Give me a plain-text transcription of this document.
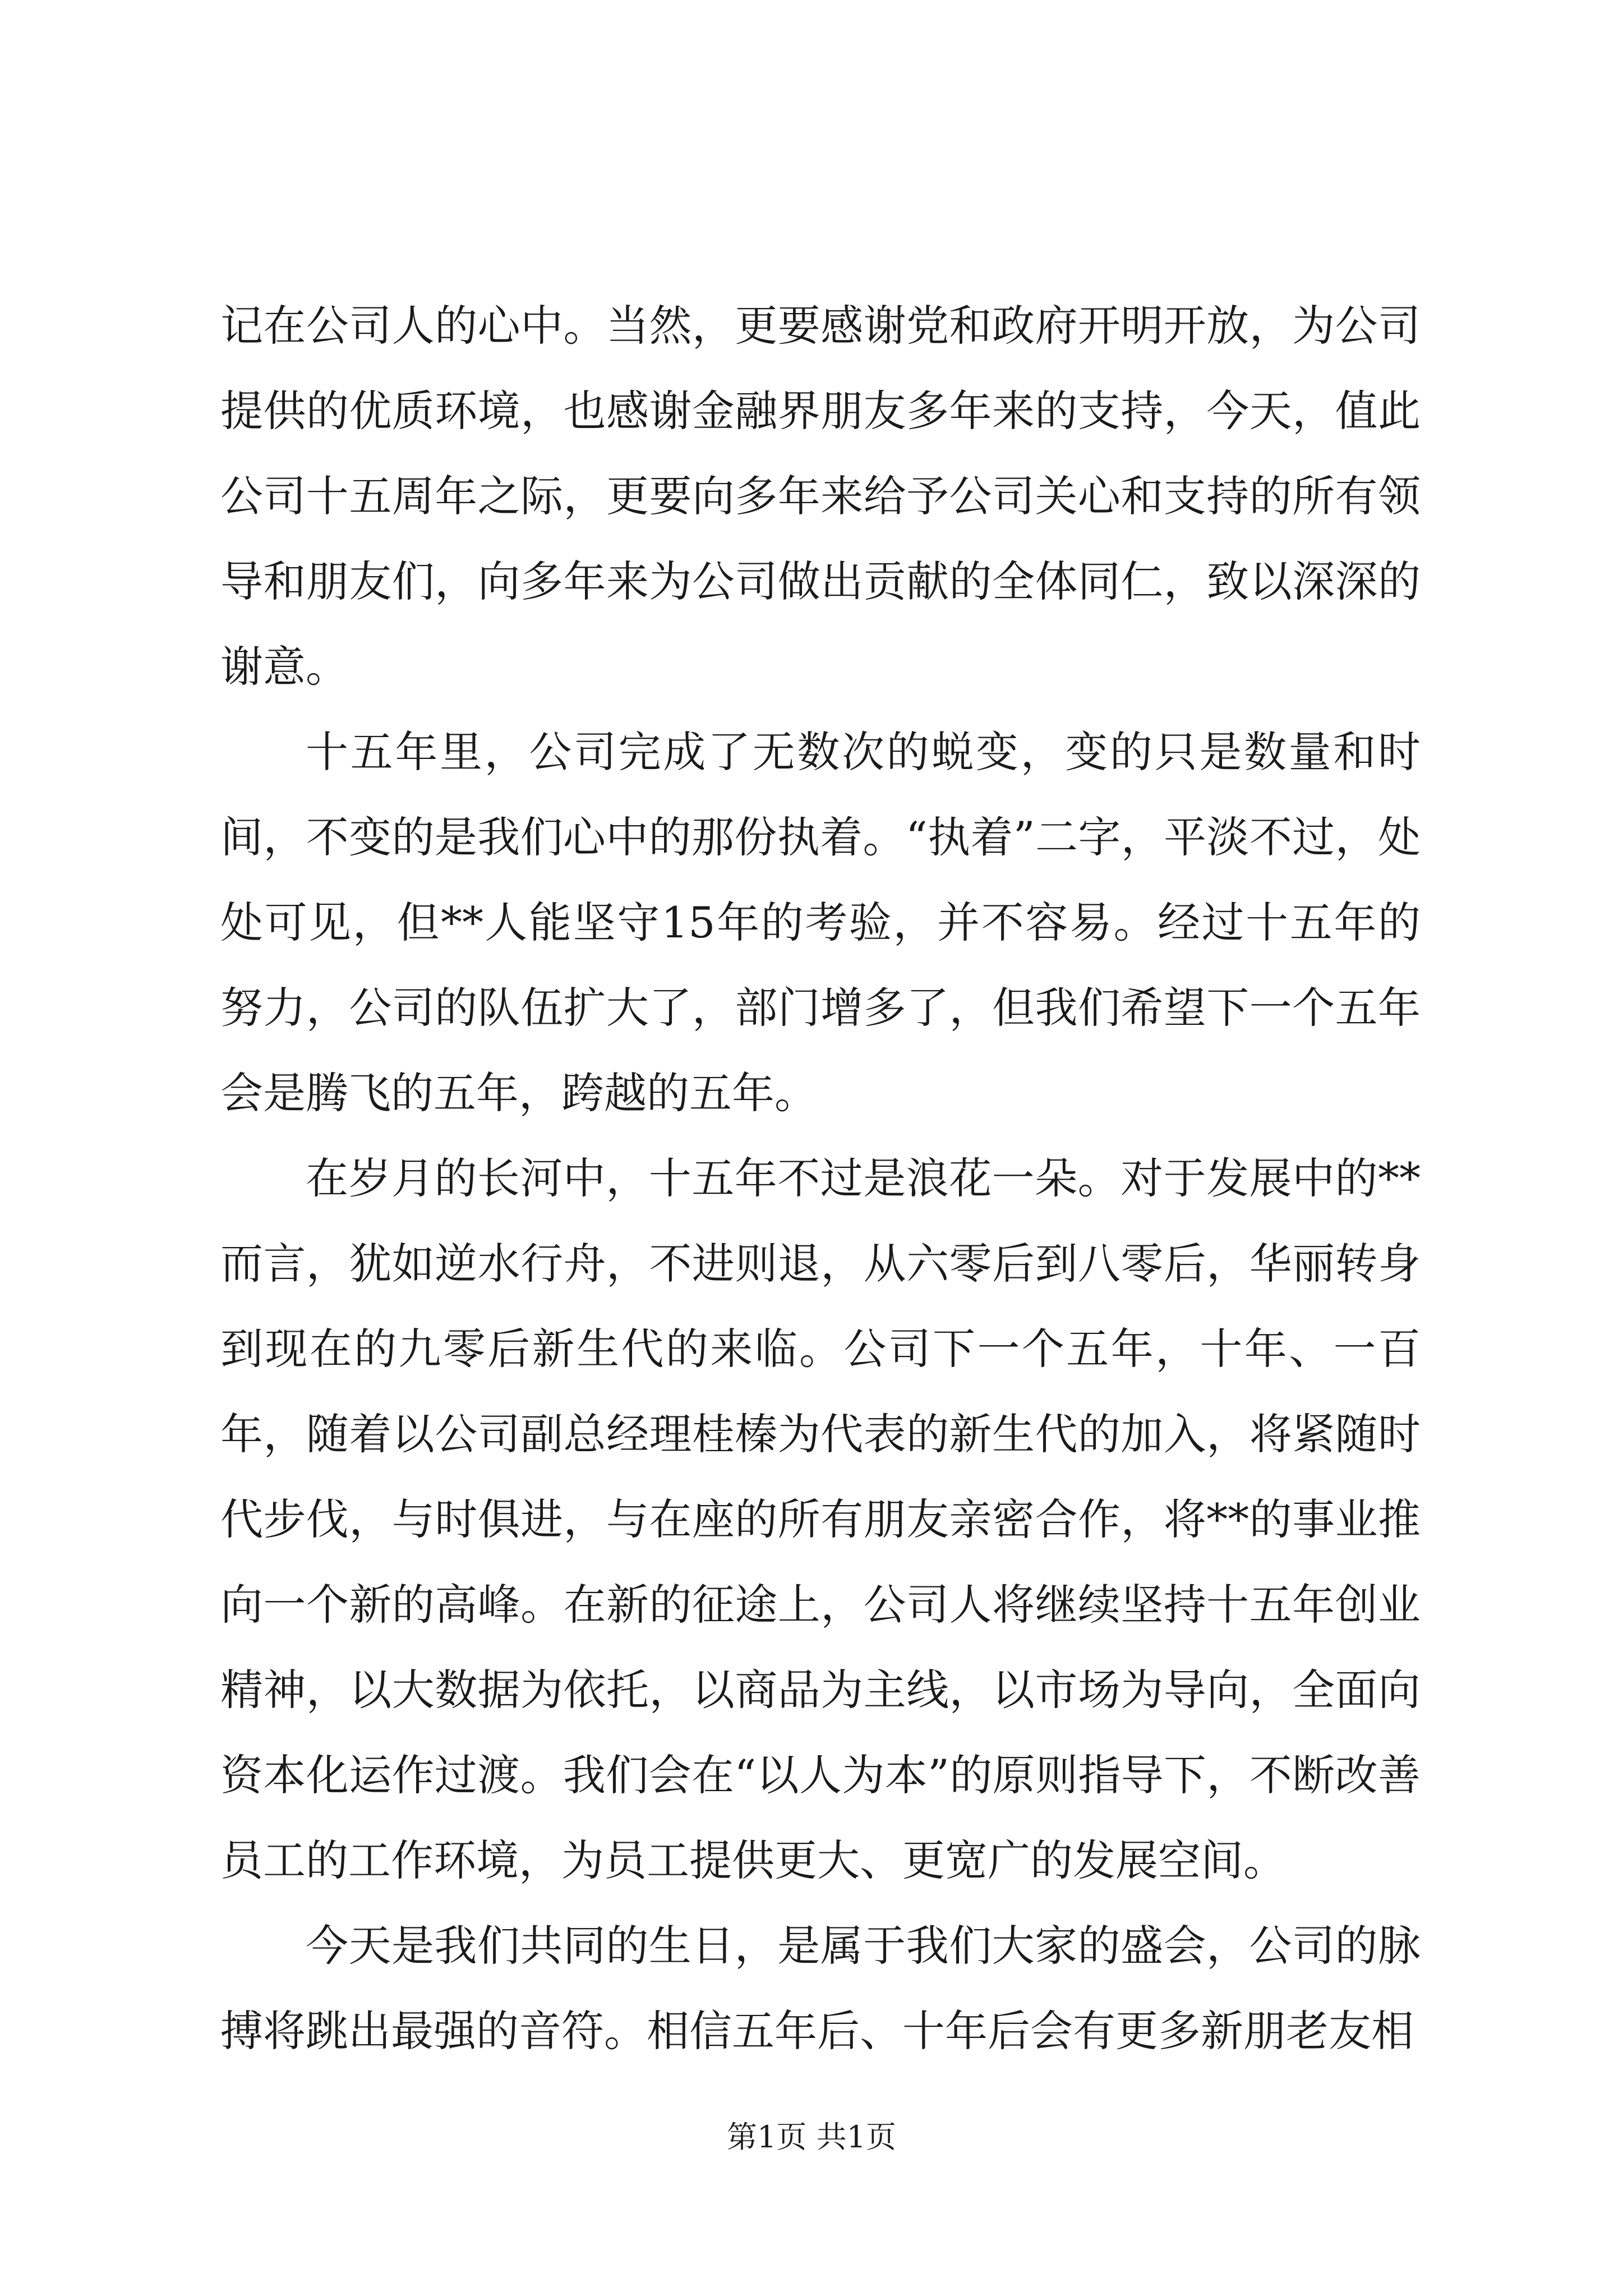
记在公司人的心中。当然，更要感谢党和政府开明开放，为公司提供的优质环境，也感谢金融界朋友多年来的支持，今天，值此公司十五周年之际，更要向多年来给予公司关心和支持的所有领导和朋友们，向多年来为公司做出贡献的全体同仁，致以深深的谢意。

十五年里，公司完成了无数次的蜕变，变的只是数量和时间，不变的是我们心中的那份执着。“执着”二字，平淡不过，处处可见，但**人能坚守15年的考验，并不容易。经过十五年的努力，公司的队伍扩大了，部门增多了，但我们希望下一个五年会是腾飞的五年，跨越的五年。

在岁月的长河中，十五年不过是浪花一朵。对于发展中的**而言，犹如逆水行舟，不进则退，从六零后到八零后，华丽转身到现在的九零后新生代的来临。公司下一个五年，十年、一百年，随着以公司副总经理桂榛为代表的新生代的加入，将紧随时代步伐，与时俱进，与在座的所有朋友亲密合作，将**的事业推向一个新的高峰。在新的征途上，公司人将继续坚持十五年创业精神，以大数据为依托，以商品为主线，以市场为导向，全面向资本化运作过渡。我们会在“以人为本”的原则指导下，不断改善员工的工作环境，为员工提供更大、更宽广的发展空间。

今天是我们共同的生日，是属于我们大家的盛会，公司的脉搏将跳出最强的音符。相信五年后、十年后会有更多新朋老友相

第1页 共1页
